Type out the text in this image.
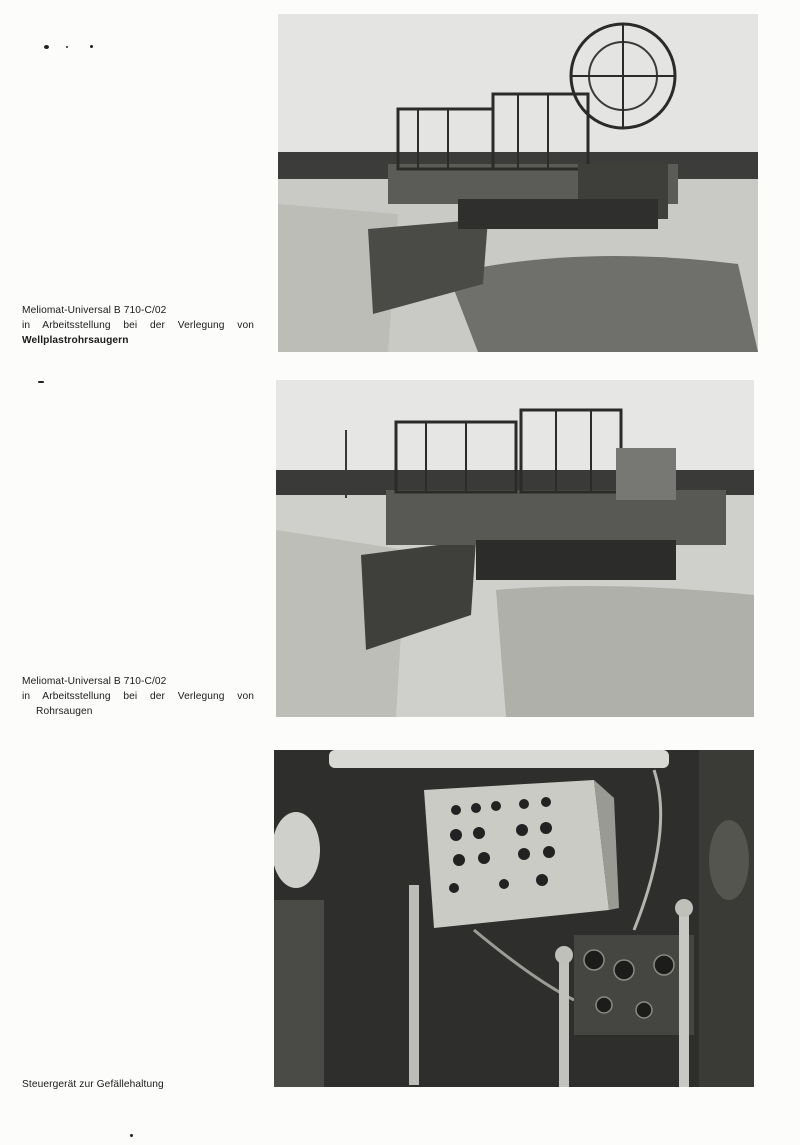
Meliomat-Universal B 710-C/02
in Arbeitsstellung bei der Verlegung von
Wellplastrohrsaugern
Meliomat-Universal B 710-C/02
in Arbeitsstellung bei der Verlegung von
Rohrsaugen
Steuergerät zur Gefällehaltung
